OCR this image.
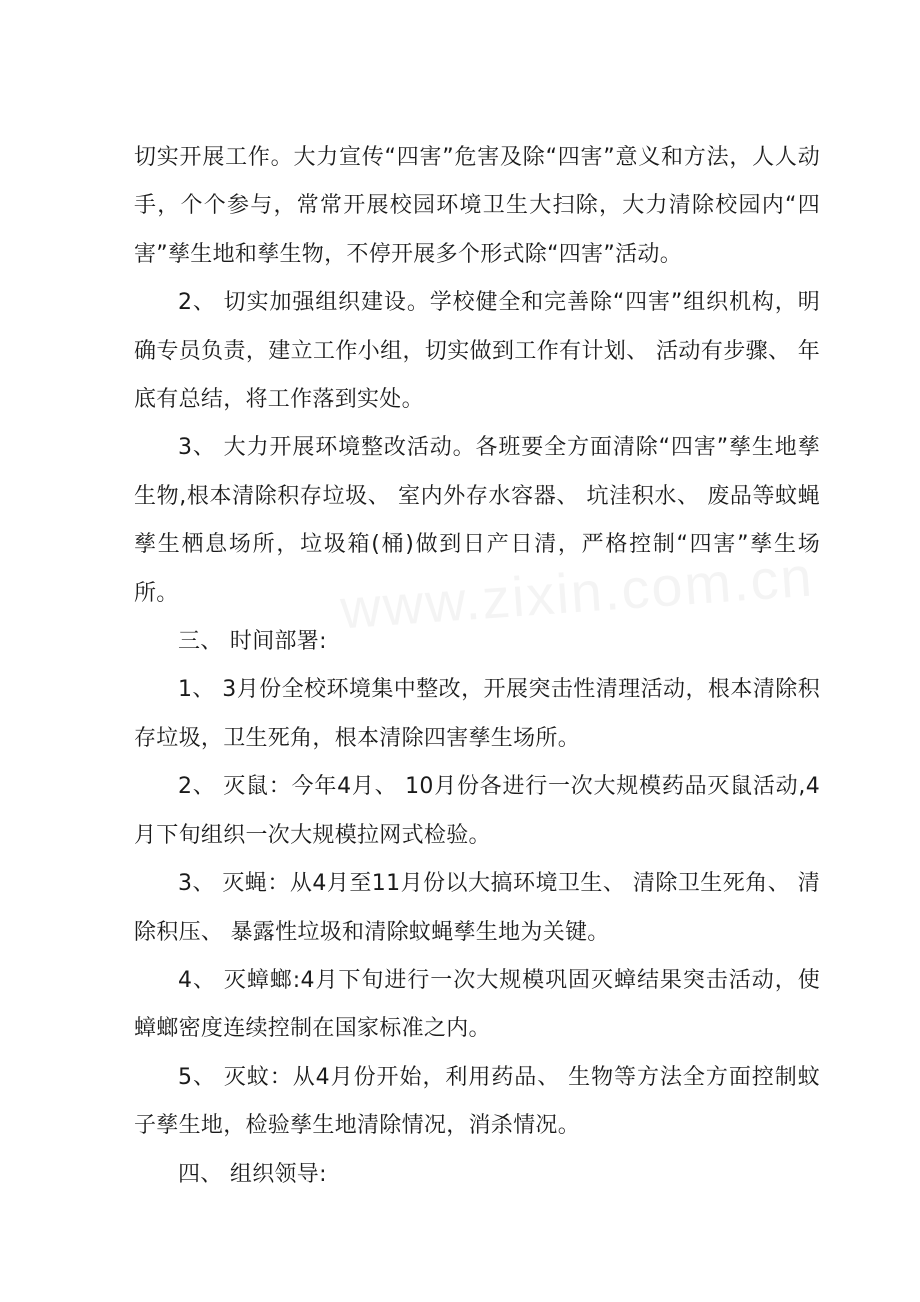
切实开展工作。大力宣传“四害”危害及除“四害”意义和方法，人人动手，个个参与，常常开展校园环境卫生大扫除，大力清除校园内“四害”孳生地和孳生物，不停开展多个形式除“四害”活动。

2、 切实加强组织建设。学校健全和完善除“四害”组织机构，明确专员负责，建立工作小组，切实做到工作有计划、 活动有步骤、 年底有总结，将工作落到实处。

3、 大力开展环境整改活动。各班要全方面清除“四害”孳生地孳生物,根本清除积存垃圾、 室内外存水容器、 坑洼积水、 废品等蚊蝇孳生栖息场所，垃圾箱(桶)做到日产日清，严格控制“四害”孳生场所。

三、 时间部署:

1、 3月份全校环境集中整改，开展突击性清理活动，根本清除积存垃圾，卫生死角，根本清除四害孳生场所。

2、 灭鼠：今年4月、 10月份各进行一次大规模药品灭鼠活动,4月下旬组织一次大规模拉网式检验。

3、 灭蝇：从4月至11月份以大搞环境卫生、 清除卫生死角、 清除积压、 暴露性垃圾和清除蚊蝇孳生地为关键。

4、 灭蟑螂:4月下旬进行一次大规模巩固灭蟑结果突击活动，使蟑螂密度连续控制在国家标准之内。

5、 灭蚊：从4月份开始，利用药品、 生物等方法全方面控制蚊子孳生地，检验孳生地清除情况，消杀情况。

四、 组织领导:
